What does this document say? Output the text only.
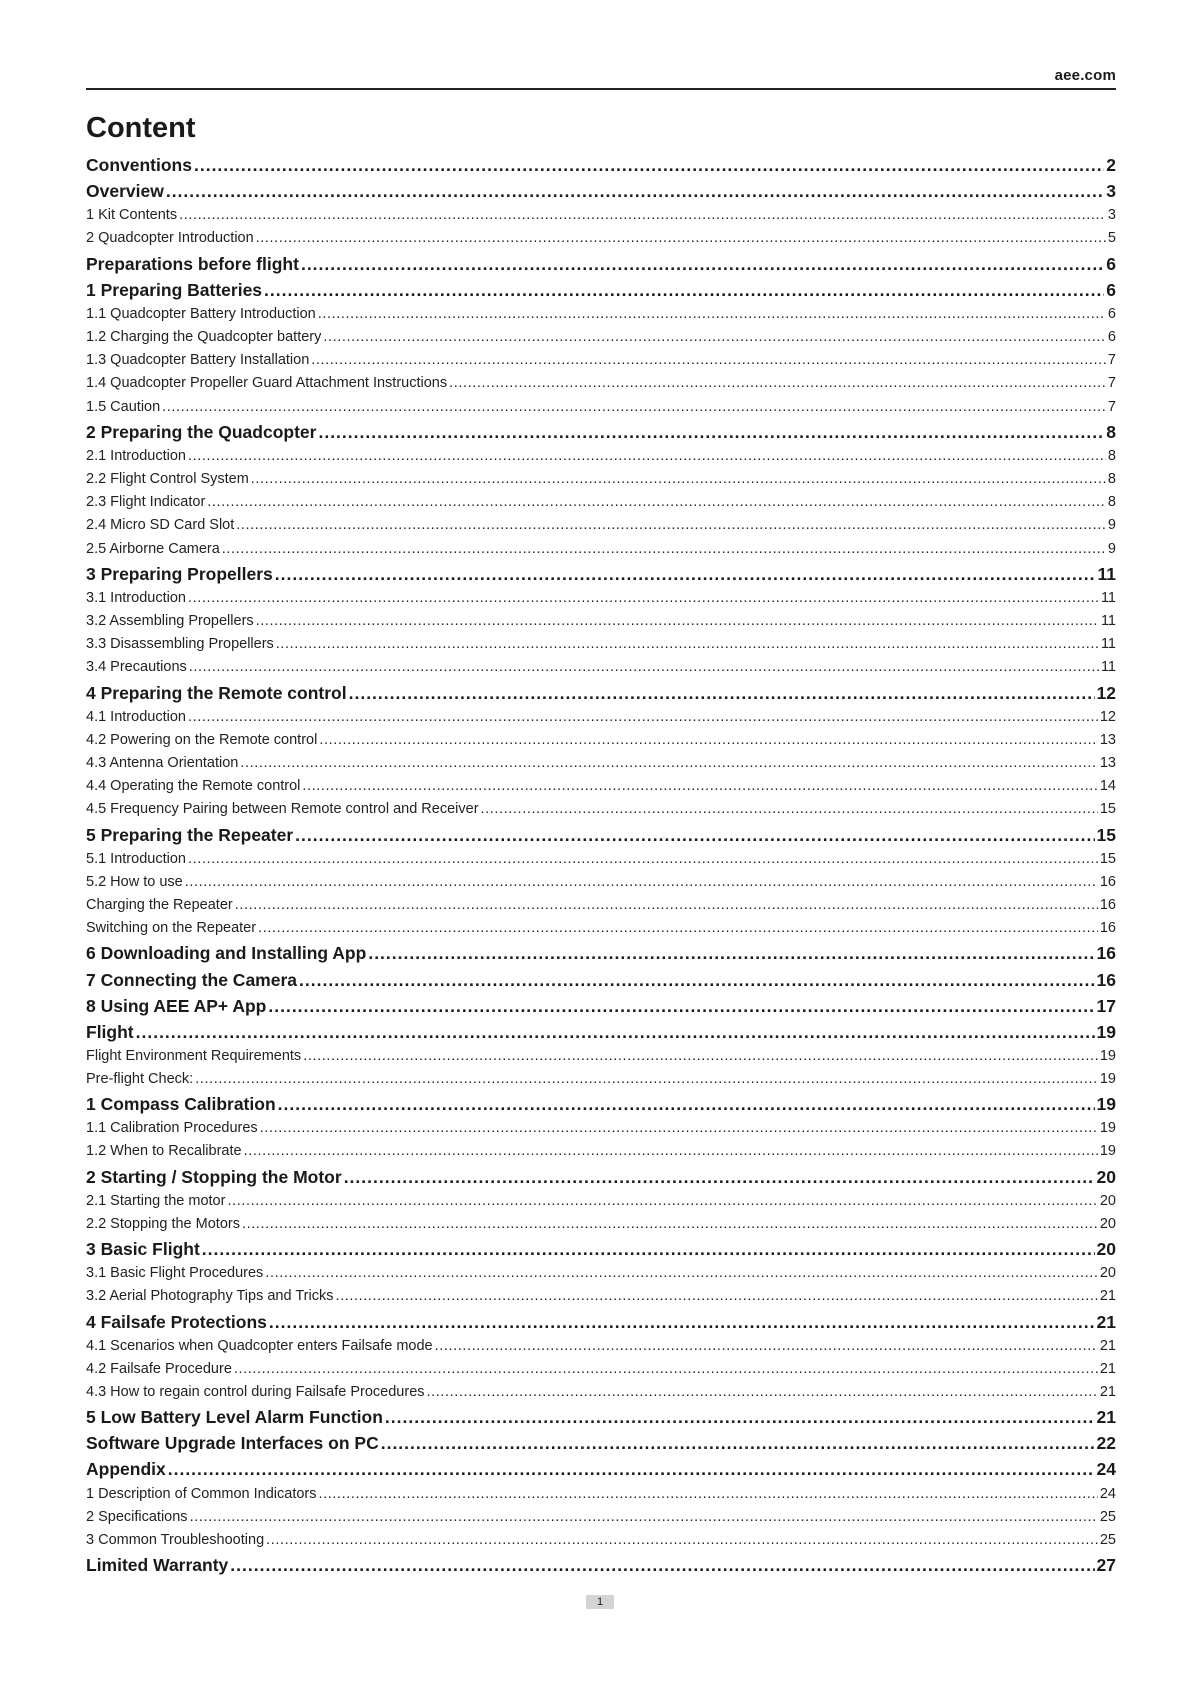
aee.com
Content
Conventions .....	2
Overview .....	3
1 Kit Contents .....	3
2 Quadcopter Introduction .....	5
Preparations before flight .....	6
1 Preparing Batteries .....	6
1.1 Quadcopter Battery Introduction .....	6
1.2 Charging the Quadcopter battery .....	6
1.3 Quadcopter Battery Installation .....	7
1.4 Quadcopter Propeller Guard Attachment Instructions .....	7
1.5 Caution .....	7
2 Preparing the Quadcopter .....	8
2.1 Introduction .....	8
2.2 Flight Control System .....	8
2.3 Flight Indicator .....	8
2.4 Micro SD Card Slot .....	9
2.5 Airborne Camera .....	9
3 Preparing Propellers .....	11
3.1 Introduction .....	11
3.2 Assembling Propellers .....	11
3.3 Disassembling Propellers .....	11
3.4 Precautions .....	11
4 Preparing the Remote control .....	12
4.1 Introduction .....	12
4.2 Powering on the Remote control .....	13
4.3 Antenna Orientation .....	13
4.4 Operating the Remote control .....	14
4.5 Frequency Pairing between Remote control and Receiver .....	15
5 Preparing the Repeater .....	15
5.1 Introduction .....	15
5.2 How to use .....	16
Charging the Repeater .....	16
Switching on the Repeater .....	16
6 Downloading and Installing App .....	16
7 Connecting the Camera .....	16
8 Using AEE AP+ App .....	17
Flight .....	19
Flight Environment Requirements .....	19
Pre-flight Check: .....	19
1 Compass Calibration .....	19
1.1 Calibration Procedures .....	19
1.2 When to Recalibrate .....	19
2 Starting / Stopping the Motor .....	20
2.1 Starting the motor .....	20
2.2 Stopping the Motors .....	20
3 Basic Flight .....	20
3.1 Basic Flight Procedures .....	20
3.2 Aerial Photography Tips and Tricks .....	21
4 Failsafe Protections .....	21
4.1 Scenarios when Quadcopter enters Failsafe mode .....	21
4.2 Failsafe Procedure .....	21
4.3 How to regain control during Failsafe Procedures .....	21
5 Low Battery Level Alarm Function .....	21
Software Upgrade Interfaces on PC .....	22
Appendix .....	24
1 Description of Common Indicators .....	24
2 Specifications .....	25
3 Common Troubleshooting .....	25
Limited Warranty .....	27
1
